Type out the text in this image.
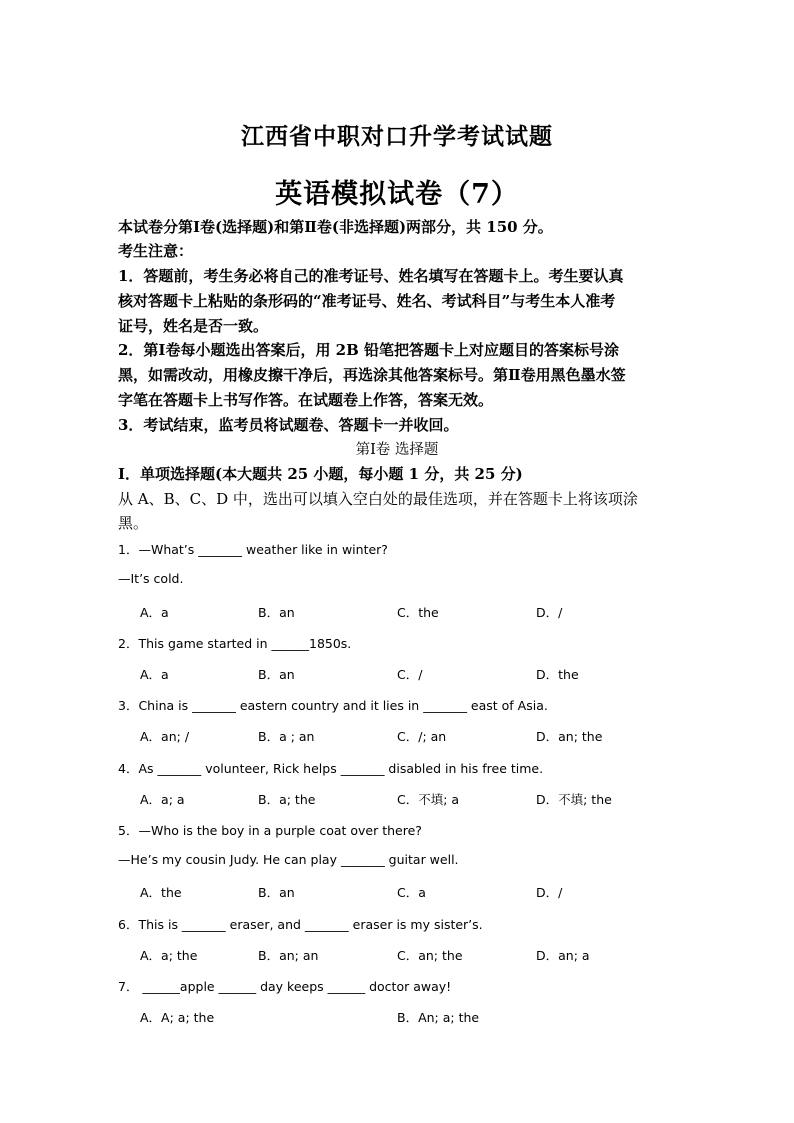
江西省中职对口升学考试试题
英语模拟试卷（7）
本试卷分第Ⅰ卷(选择题)和第Ⅱ卷(非选择题)两部分，共 150 分。
考生注意：
1．答题前，考生务必将自己的准考证号、姓名填写在答题卡上。考生要认真
核对答题卡上粘贴的条形码的“准考证号、姓名、考试科目”与考生本人准考
证号，姓名是否一致。
2．第Ⅰ卷每小题选出答案后，用 2B 铅笔把答题卡上对应题目的答案标号涂
黑，如需改动，用橡皮擦干净后，再选涂其他答案标号。第Ⅱ卷用黑色墨水签
字笔在答题卡上书写作答。在试题卷上作答，答案无效。
3．考试结束，监考员将试题卷、答题卡一并收回。
第Ⅰ卷 选择题
Ⅰ．单项选择题(本大题共 25 小题，每小题 1 分，共 25 分)
从 A、B、C、D 中，选出可以填入空白处的最佳选项，并在答题卡上将该项涂
黑。
1．—What’s _______ weather like in winter?
—It’s cold.
A．a	B．an	C．the	D．/
2．This game started in ______1850s.
A．a	B．an	C．/	D．the
3．China is _______ eastern country and it lies in _______ east of Asia.
A．an; /	B．a ; an	C．/; an	D．an; the
4．As _______ volunteer, Rick helps _______ disabled in his free time.
A．a; a	B．a; the	C．不填; a	D．不填; the
5．—Who is the boy in a purple coat over there?
—He’s my cousin Judy. He can play _______ guitar well.
A．the	B．an	C．a	D．/
6．This is _______ eraser, and _______ eraser is my sister’s.
A．a; the	B．an; an	C．an; the	D．an; a
7． ______apple ______ day keeps ______ doctor away!
A．A; a; the	B．An; a; the
